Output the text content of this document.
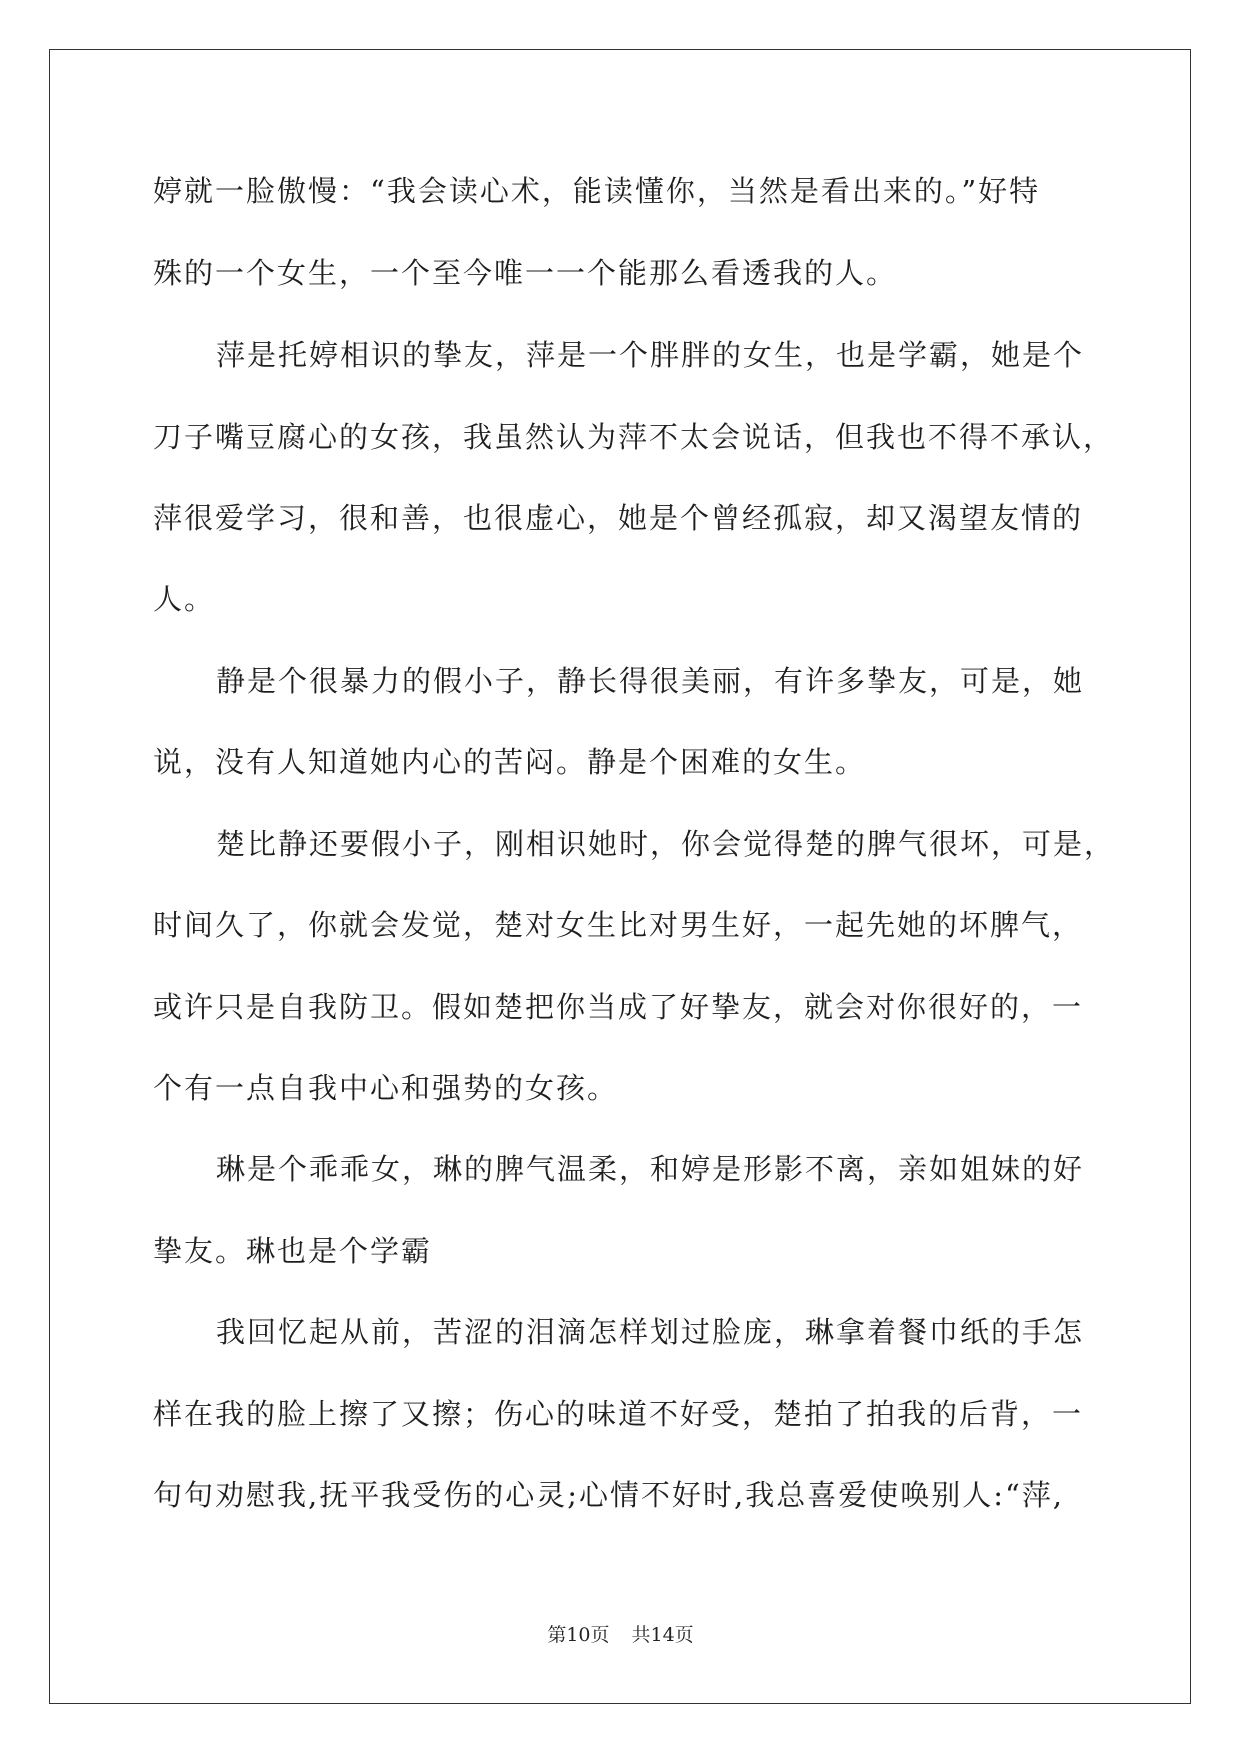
婷就一脸傲慢：“我会读心术，能读懂你，当然是看出来的。”好特
殊的一个女生，一个至今唯一一个能那么看透我的人。
萍是托婷相识的挚友，萍是一个胖胖的女生，也是学霸，她是个
刀子嘴豆腐心的女孩，我虽然认为萍不太会说话，但我也不得不承认，
萍很爱学习，很和善，也很虚心，她是个曾经孤寂，却又渴望友情的
人。
静是个很暴力的假小子，静长得很美丽，有许多挚友，可是，她
说，没有人知道她内心的苦闷。静是个困难的女生。
楚比静还要假小子，刚相识她时，你会觉得楚的脾气很坏，可是，
时间久了，你就会发觉，楚对女生比对男生好，一起先她的坏脾气，
或许只是自我防卫。假如楚把你当成了好挚友，就会对你很好的，一
个有一点自我中心和强势的女孩。
琳是个乖乖女，琳的脾气温柔，和婷是形影不离，亲如姐妹的好
挚友。琳也是个学霸
我回忆起从前，苦涩的泪滴怎样划过脸庞，琳拿着餐巾纸的手怎
样在我的脸上擦了又擦；伤心的味道不好受，楚拍了拍我的后背，一
句句劝慰我,抚平我受伤的心灵;心情不好时,我总喜爱使唤别人:“萍,
第10页 共14页
